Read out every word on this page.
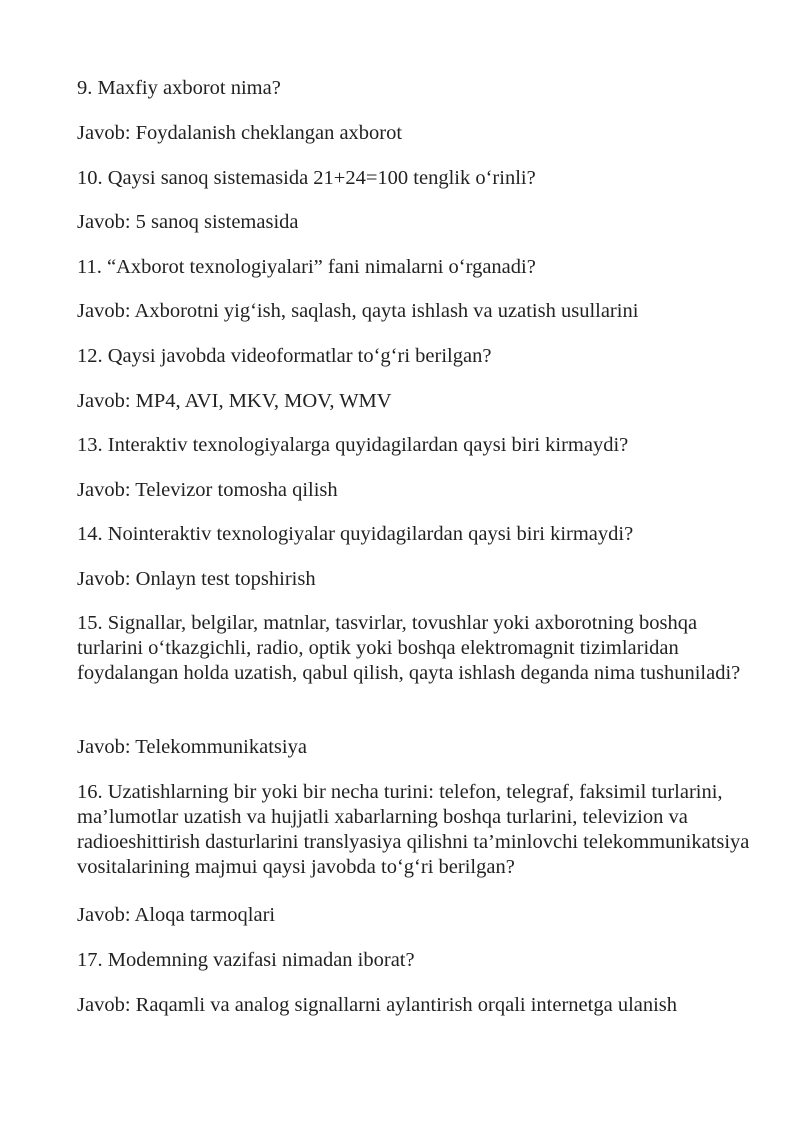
9. Maxfiy axborot nima?

Javob: Foydalanish cheklangan axborot

10. Qaysi sanoq sistemasida 21+24=100 tenglik o‘rinli?

Javob: 5 sanoq sistemasida

11. “Axborot texnologiyalari” fani nimalarni o‘rganadi?

Javob: Axborotni yig‘ish, saqlash, qayta ishlash va uzatish usullarini

12. Qaysi javobda videoformatlar to‘g‘ri berilgan?

Javob: MP4, AVI, MKV, MOV, WMV

13. Interaktiv texnologiyalarga quyidagilardan qaysi biri kirmaydi?

Javob: Televizor tomosha qilish

14. Nointeraktiv texnologiyalar quyidagilardan qaysi biri kirmaydi?

Javob: Onlayn test topshirish

15. Signallar, belgilar, matnlar, tasvirlar, tovushlar yoki axborotning boshqa turlarini o‘tkazgichli, radio, optik yoki boshqa elektromagnit tizimlaridan foydalangan holda uzatish, qabul qilish, qayta ishlash deganda nima tushuniladi?

Javob: Telekommunikatsiya

16. Uzatishlarning bir yoki bir necha turini: telefon, telegraf, faksimil turlarini, ma’lumotlar uzatish va hujjatli xabarlarning boshqa turlarini, televizion va radioeshittirish dasturlarini translyasiya qilishni ta’minlovchi telekommunikatsiya vositalarining majmui qaysi javobda to‘g‘ri berilgan?

Javob: Aloqa tarmoqlari

17. Modemning vazifasi nimadan iborat?

Javob: Raqamli va analog signallarni aylantirish orqali internetga ulanish
